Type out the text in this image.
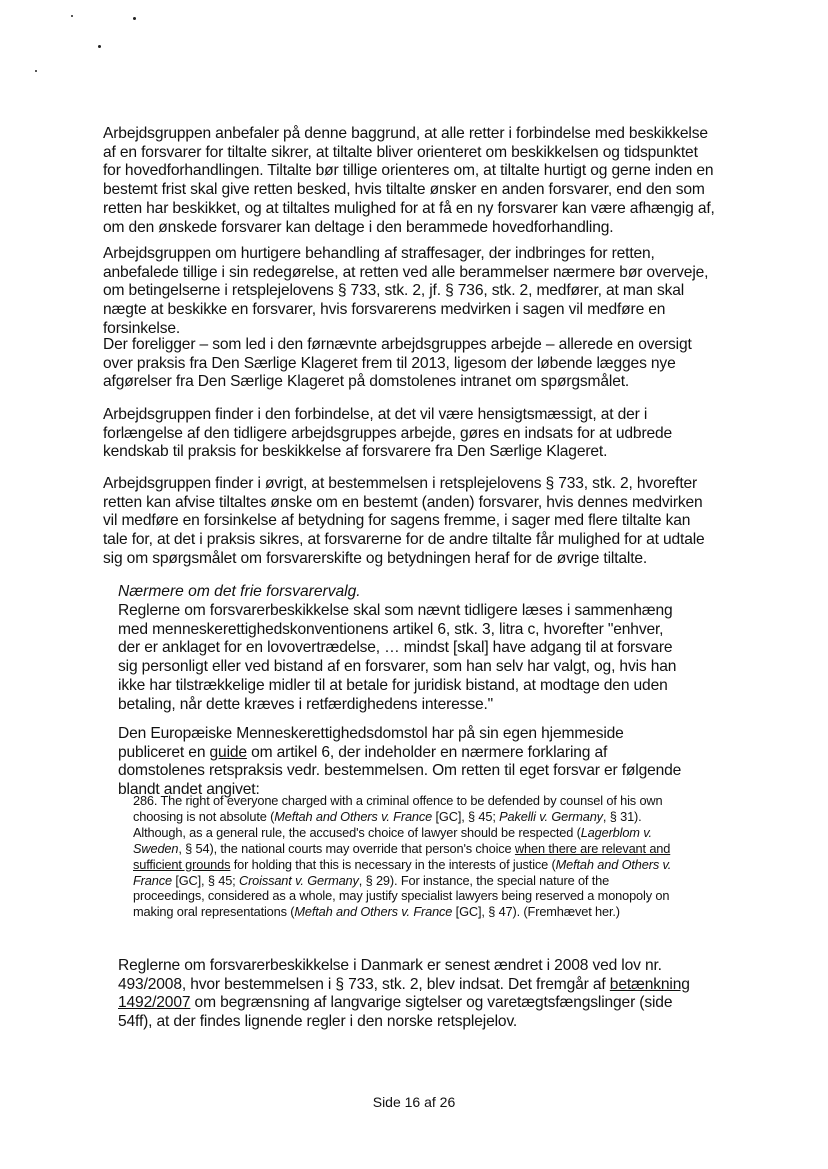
Arbejdsgruppen anbefaler på denne baggrund, at alle retter i forbindelse med beskikkelse af en forsvarer for tiltalte sikrer, at tiltalte bliver orienteret om beskikkelsen og tidspunktet for hovedforhandlingen. Tiltalte bør tillige orienteres om, at tiltalte hurtigt og gerne inden en bestemt frist skal give retten besked, hvis tiltalte ønsker en anden forsvarer, end den som retten har beskikket, og at tiltaltes mulighed for at få en ny forsvarer kan være afhængig af, om den ønskede forsvarer kan deltage i den berammede hovedforhandling.

Arbejdsgruppen om hurtigere behandling af straffesager, der indbringes for retten, anbefalede tillige i sin redegørelse, at retten ved alle berammelser nærmere bør overveje, om betingelserne i retsplejelovens § 733, stk. 2, jf. § 736, stk. 2, medfører, at man skal nægte at beskikke en forsvarer, hvis forsvarerens medvirken i sagen vil medføre en forsinkelse.

Der foreligger – som led i den førnævnte arbejdsgruppes arbejde – allerede en oversigt over praksis fra Den Særlige Klageret frem til 2013, ligesom der løbende lægges nye afgørelser fra Den Særlige Klageret på domstolenes intranet om spørgsmålet.

Arbejdsgruppen finder i den forbindelse, at det vil være hensigtsmæssigt, at der i forlængelse af den tidligere arbejdsgruppes arbejde, gøres en indsats for at udbrede kendskab til praksis for beskikkelse af forsvarere fra Den Særlige Klageret.

Arbejdsgruppen finder i øvrigt, at bestemmelsen i retsplejelovens § 733, stk. 2, hvorefter retten kan afvise tiltaltes ønske om en bestemt (anden) forsvarer, hvis dennes medvirken vil medføre en forsinkelse af betydning for sagens fremme, i sager med flere tiltalte kan tale for, at det i praksis sikres, at forsvarerne for de andre tiltalte får mulighed for at udtale sig om spørgsmålet om forsvarerskifte og betydningen heraf for de øvrige tiltalte.

Nærmere om det frie forsvarervalg.

Reglerne om forsvarerbeskikkelse skal som nævnt tidligere læses i sammenhæng med menneskerettighedskonventionens artikel 6, stk. 3, litra c, hvorefter "enhver, der er anklaget for en lovovertrædelse, … mindst [skal] have adgang til at forsvare sig personligt eller ved bistand af en forsvarer, som han selv har valgt, og, hvis han ikke har tilstrækkelige midler til at betale for juridisk bistand, at modtage den uden betaling, når dette kræves i retfærdighedens interesse."

Den Europæiske Menneskerettighedsdomstol har på sin egen hjemmeside publiceret en guide om artikel 6, der indeholder en nærmere forklaring af domstolenes retspraksis vedr. bestemmelsen. Om retten til eget forsvar er følgende blandt andet angivet:

286. The right of everyone charged with a criminal offence to be defended by counsel of his own choosing is not absolute (Meftah and Others v. France [GC], § 45; Pakelli v. Germany, § 31). Although, as a general rule, the accused's choice of lawyer should be respected (Lagerblom v. Sweden, § 54), the national courts may override that person's choice when there are relevant and sufficient grounds for holding that this is necessary in the interests of justice (Meftah and Others v. France [GC], § 45; Croissant v. Germany, § 29). For instance, the special nature of the proceedings, considered as a whole, may justify specialist lawyers being reserved a monopoly on making oral representations (Meftah and Others v. France [GC], § 47). (Fremhævet her.)

Reglerne om forsvarerbeskikkelse i Danmark er senest ændret i 2008 ved lov nr. 493/2008, hvor bestemmelsen i § 733, stk. 2, blev indsat. Det fremgår af betænkning 1492/2007 om begrænsning af langvarige sigtelser og varetægtsfængslinger (side 54ff), at der findes lignende regler i den norske retsplejelov.

Side 16 af 26
